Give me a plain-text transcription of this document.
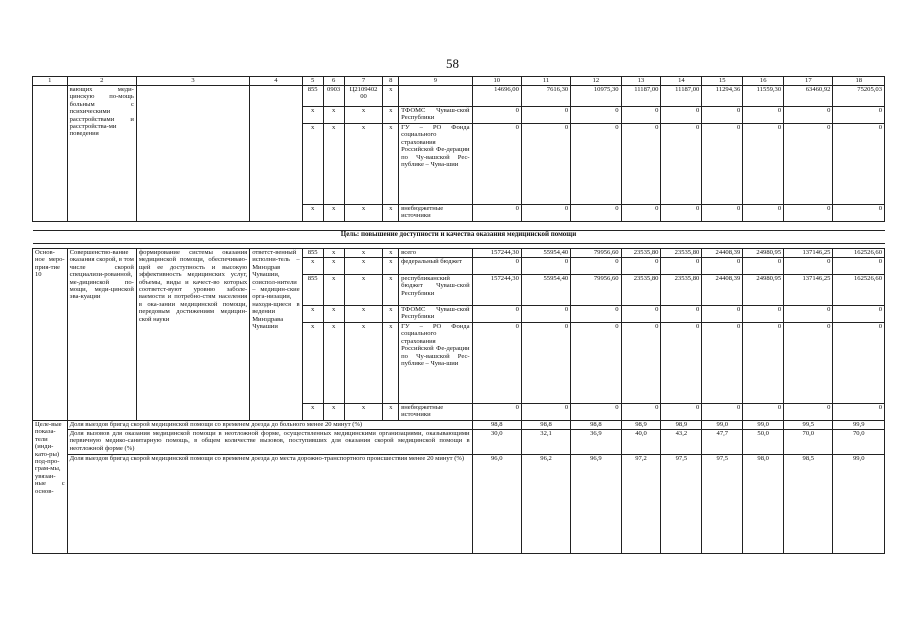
58
1	2	3	4	5	6	7	8	9	10	11	12	13	14	15	16	17	18
	вающих меди-цинскую по-мощь больным с психическими расстройствами и расстройства-ми поведения			855	0903	Ц2109402 00	x		14696,00	7616,30	10975,30	11187,00	11187,00	11294,36	11559,30	63460,92	75205,03
				x	x	x	x	ТФОМС Чуваш-ской Республики	0	0	0	0	0	0	0	0	0
				x	x	x	x	ГУ – РО Фонда социального страхования Российской Фе-дерации по Чу-вашской Рес-публике – Чува-шии	0	0	0	0	0	0	0	0	0
				x	x	x	x	внебюджетные источники	0	0	0	0	0	0	0	0	0

Цель: повышение доступности и качества оказания медицинской помощи																	

Основ-ное меро-прия-тие 10	Совершенство-вание оказания скорой, в том числе скорой специализи-рованной, ме-дицинской по-мощи, меди-цинской эва-куации	формирование системы оказания медицинской помощи, обеспечиваю-щей ее доступность и высокую эффективность медицинских услуг, объемы, виды и качест-во которых соответст-вуют уровню заболе-ваемости и потребно-стям населения в ока-зании медицинской помощи, передовым достижениям медицин-ской науки	ответст-венный исполни-тель – Минздрав Чувашии, соиспол-нители – медицин-ские орга-низации, находя-щиеся в ведении Минздрава Чувашии	855	x	x	x	всего	157244,30	55954,40	79956,60	23535,80	23535,80	24408,39	24980,95	137146,25	162526,60
				x	x	x	x	федеральный бюджет	0	0	0	0	0	0	0	0	0
				855	x	x	x	республиканский бюджет Чуваш-ской Республики	157244,30	55954,40	79956,60	23535,80	23535,80	24408,39	24980,95	137146,25	162526,60
				x	x	x	x	ТФОМС Чуваш-ской Республики	0	0	0	0	0	0	0	0	0
				x	x	x	x	ГУ – РО Фонда социального страхования Российской Фе-дерации по Чу-вашской Рес-публике – Чува-шии	0	0	0	0	0	0	0	0	0
				x	x	x	x	внебюджетные источники	0	0	0	0	0	0	0	0	0
Целе-вые показа-тели (инди-като-ры) под-про-грам-мы, увязан-ные с основ-	Доля выездов бригад скорой медицинской помощи со временем доезда до больного менее 20 минут (%)								98,8	98,8	98,8	98,9	98,9	99,0	99,0	99,5	99,9
	Доля вызовов для оказания медицинской помощи в неотложной форме, осуществленных медицинскими организациями, оказывающими первичную медико-санитарную помощь, в общем количестве вызовов, поступивших для оказания скорой медицинской помощи в неотложной форме (%)								30,0	32,1	36,9	40,0	43,2	47,7	50,0	70,0	70,0
	Доля выездов бригад скорой медицинской помощи со временем доезда до места дорожно-транспортного происшествия менее 20 минут (%)								96,0	96,2	96,9	97,2	97,5	97,5	98,0	98,5	99,0
